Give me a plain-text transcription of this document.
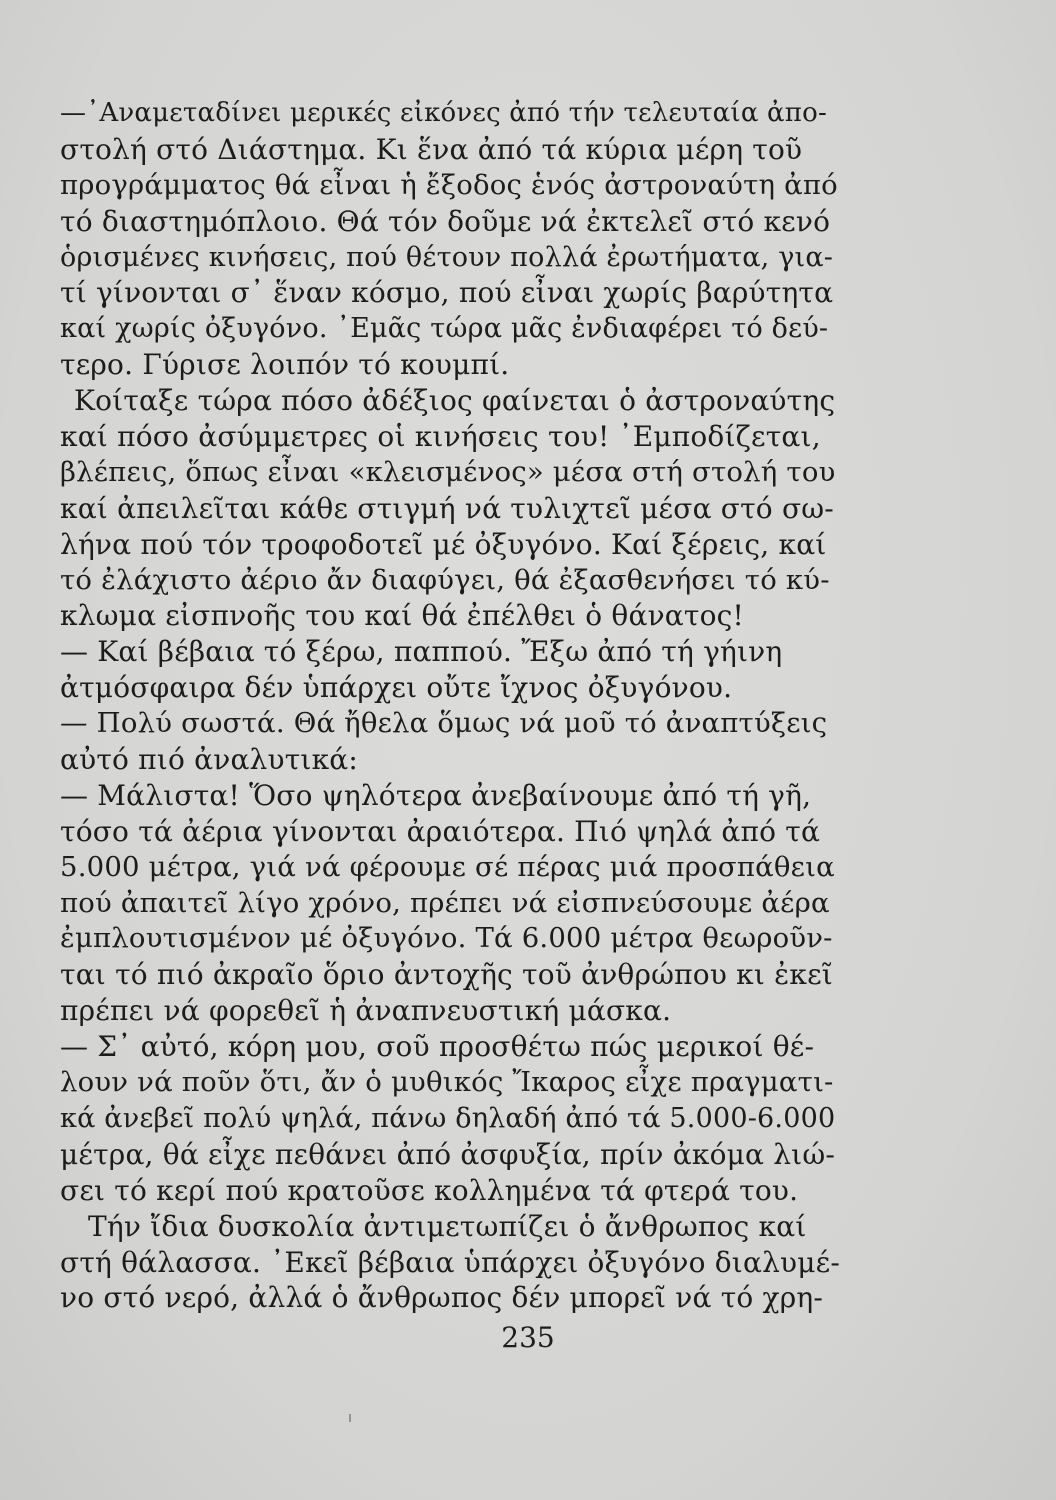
—᾿Αναμεταδίνει μερικές εἰκόνες ἀπό τήν τελευταία ἀπο-
στολή στό Διάστημα. Κι ἕνα ἀπό τά κύρια μέρη τοῦ
προγράμματος θά εἶναι ἡ ἔξοδος ἑνός ἀστροναύτη ἀπό
τό διαστημόπλοιο. Θά τόν δοῦμε νά ἐκτελεῖ στό κενό
ὁρισμένες κινήσεις, πού θέτουν πολλά ἐρωτήματα, για-
τί γίνονται σ᾿ ἕναν κόσμο, πού εἶναι χωρίς βαρύτητα
καί χωρίς ὀξυγόνο. ᾿Εμᾶς τώρα μᾶς ἐνδιαφέρει τό δεύ-
τερο. Γύρισε λοιπόν τό κουμπί.
Κοίταξε τώρα πόσο ἀδέξιος φαίνεται ὁ ἀστροναύτης
καί πόσο ἀσύμμετρες οἱ κινήσεις του! ᾿Εμποδίζεται,
βλέπεις, ὅπως εἶναι «κλεισμένος» μέσα στή στολή του
καί ἀπειλεῖται κάθε στιγμή νά τυλιχτεῖ μέσα στό σω-
λήνα πού τόν τροφοδοτεῖ μέ ὀξυγόνο. Καί ξέρεις, καί
τό ἐλάχιστο ἀέριο ἄν διαφύγει, θά ἐξασθενήσει τό κύ-
κλωμα εἰσπνοῆς του καί θά ἐπέλθει ὁ θάνατος!
— Καί βέβαια τό ξέρω, παππού. Ἔξω ἀπό τή γήινη
ἀτμόσφαιρα δέν ὑπάρχει οὔτε ἴχνος ὀξυγόνου.
— Πολύ σωστά. Θά ἤθελα ὅμως νά μοῦ τό ἀναπτύξεις
αὐτό πιό ἀναλυτικά:
— Μάλιστα! Ὅσο ψηλότερα ἀνεβαίνουμε ἀπό τή γῆ,
τόσο τά ἀέρια γίνονται ἀραιότερα. Πιό ψηλά ἀπό τά
5.000 μέτρα, γιά νά φέρουμε σέ πέρας μιά προσπάθεια
πού ἀπαιτεῖ λίγο χρόνο, πρέπει νά εἰσπνεύσουμε ἀέρα
ἐμπλουτισμένον μέ ὀξυγόνο. Τά 6.000 μέτρα θεωροῦν-
ται τό πιό ἀκραῖο ὅριο ἀντοχῆς τοῦ ἀνθρώπου κι ἐκεῖ
πρέπει νά φορεθεῖ ἡ ἀναπνευστική μάσκα.
— Σ᾿ αὐτό, κόρη μου, σοῦ προσθέτω πώς μερικοί θέ-
λουν νά ποῦν ὅτι, ἄν ὁ μυθικός Ἴκαρος εἶχε πραγματι-
κά ἀνεβεῖ πολύ ψηλά, πάνω δηλαδή ἀπό τά 5.000-6.000
μέτρα, θά εἶχε πεθάνει ἀπό ἀσφυξία, πρίν ἀκόμα λιώ-
σει τό κερί πού κρατοῦσε κολλημένα τά φτερά του.
Τήν ἴδια δυσκολία ἀντιμετωπίζει ὁ ἄνθρωπος καί
στή θάλασσα. ᾿Εκεῖ βέβαια ὑπάρχει ὀξυγόνο διαλυμέ-
νο στό νερό, ἀλλά ὁ ἄνθρωπος δέν μπορεῖ νά τό χρη-
235
